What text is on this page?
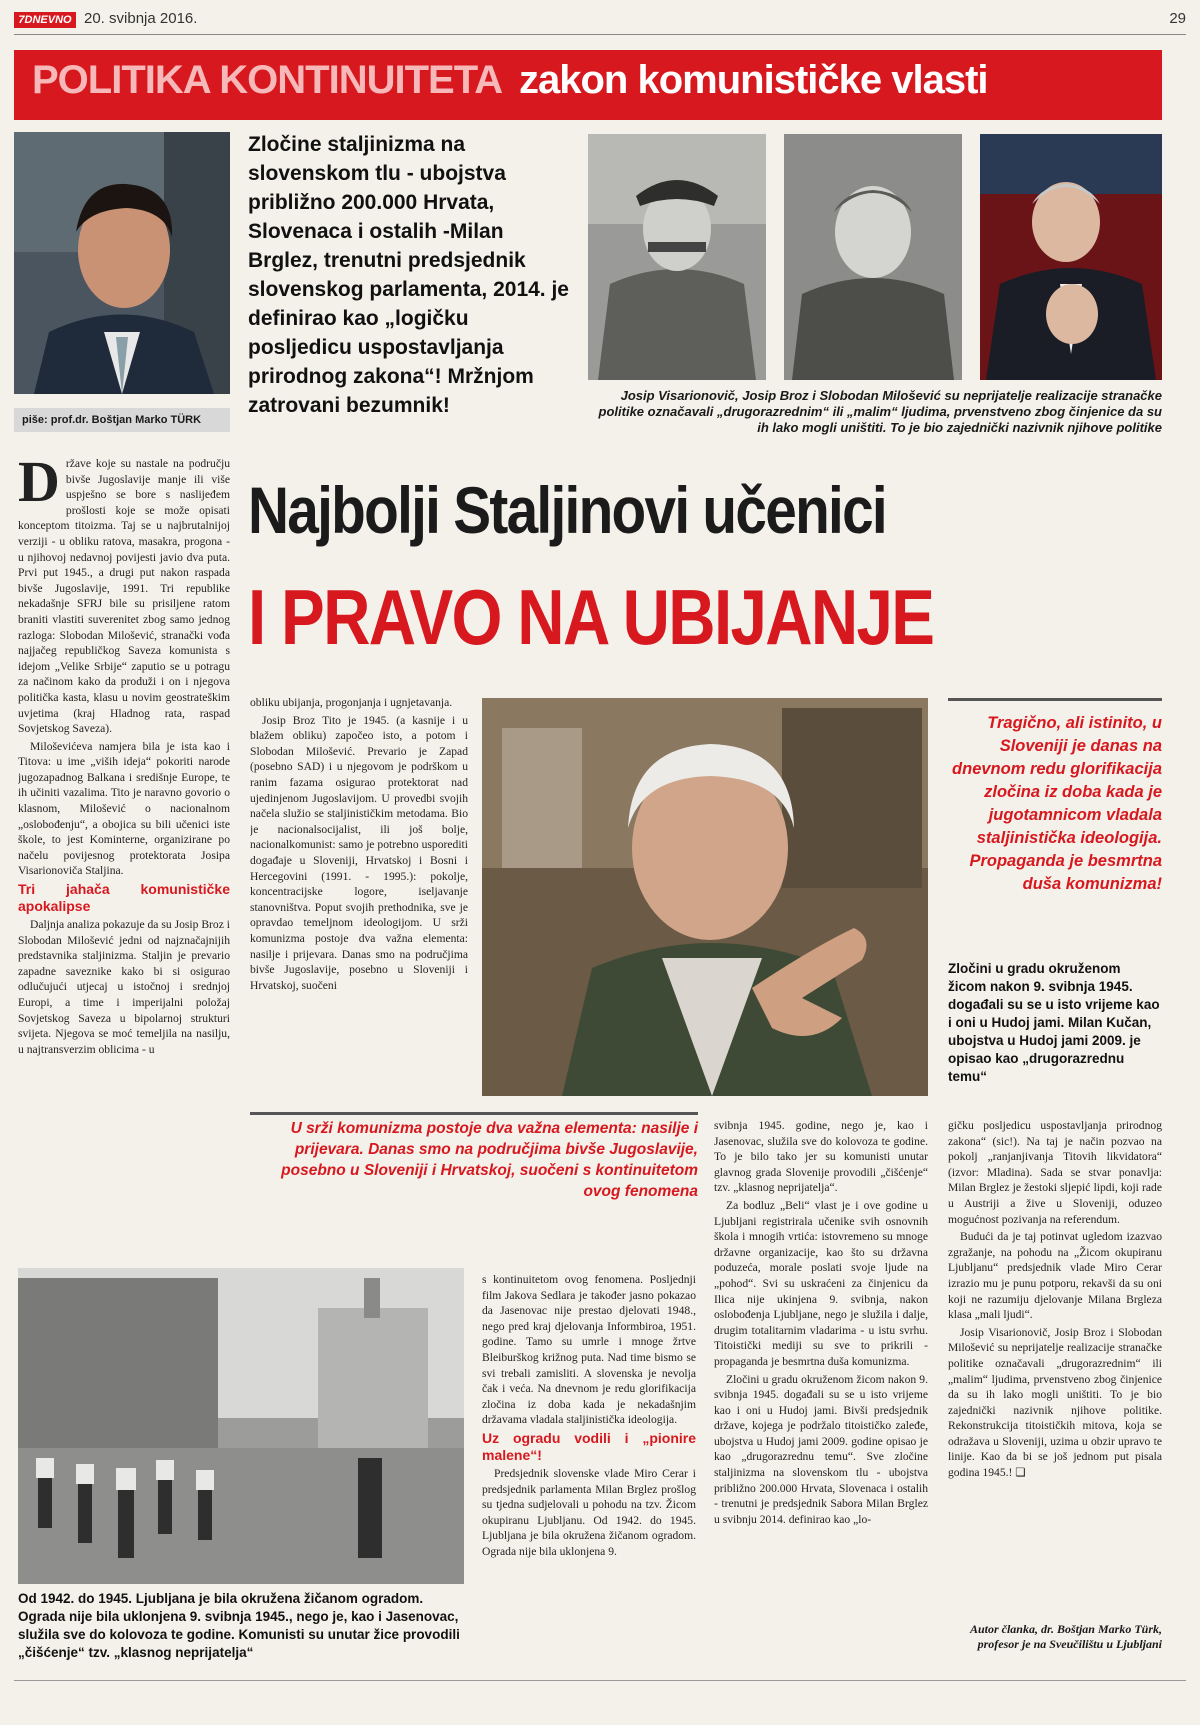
7DNEVNO 20. svibnja 2016.	29
POLITIKA KONTINUITETA zakon komunističke vlasti
piše: prof.dr. Boštjan Marko TÜRK
Zločine staljinizma na slovenskom tlu - ubojstva približno 200.000 Hrvata, Slovenaca i ostalih -Milan Brglez, trenutni predsjednik slovenskog parlamenta, 2014. je definirao kao „logičku posljedicu uspostavljanja prirodnog zakona“! Mržnjom zatrovani bezumnik!	Josip Visarionovič, Josip Broz i Slobodan Milošević su neprijatelje realizacije stranačke politike označavali „drugorazrednim“ ili „malim“ ljudima, prvenstveno zbog činjenice da su ih lako mogli uništiti. To je bio zajednički nazivnik njihove politike
Najbolji Staljinovi učenici
I PRAVO NA UBIJANJE

Države koje su nastale na području bivše Jugoslavije manje ili više uspješno se bore s naslijeđem prošlosti koje se može opisati konceptom titoizma. Taj se u najbrutalnijoj verziji - u obliku ratova, masakra, progona - u njihovoj nedavnoj povijesti javio dva puta. Prvi put 1945., a drugi put nakon raspada bivše Jugoslavije, 1991. Tri republike nekadašnje SFRJ bile su prisiljene ratom braniti vlastiti suverenitet zbog samo jednog razloga: Slobodan Milošević, stranački vođa najjačeg republičkog Saveza komunista s idejom „Velike Srbije“ zaputio se u potragu za načinom kako da produži i on i njegova politička kasta, klasu u novim geostrateškim uvjetima (kraj Hladnog rata, raspad Sovjetskog Saveza).

Miloševićeva namjera bila je ista kao i Titova: u ime „viših ideja“ pokoriti narode jugozapadnog Balkana i središnje Europe, te ih učiniti vazalima. Tito je naravno govorio o klasnom, Milošević o nacionalnom „oslobođenju“, a obojica su bili učenici iste škole, to jest Kominterne, organizirane po načelu povijesnog protektorata Josipa Visarionoviča Staljina.

Tri jahača komunističke apokalipse

Daljnja analiza pokazuje da su Josip Broz i Slobodan Milošević jedni od najznačajnijih predstavnika staljinizma. Staljin je prevario zapadne saveznike kako bi si osigurao odlučujući utjecaj u istočnoj i srednjoj Europi, a time i imperijalni položaj Sovjetskog Saveza u bipolarnoj strukturi svijeta. Njegova se moć temeljila na nasilju, u najtransverzim oblicima - u

obliku ubijanja, progonjanja i ugnjetavanja.

Josip Broz Tito je 1945. (a kasnije i u blažem obliku) započeo isto, a potom i Slobodan Milošević. Prevario je Zapad (posebno SAD) i u njegovom je podrškom u ranim fazama osigurao protektorat nad ujedinjenom Jugoslavijom. U provedbi svojih načela služio se staljinističkim metodama. Bio je nacionalsocijalist, ili još bolje, nacionalkomunist: samo je potrebno usporediti događaje u Sloveniji, Hrvatskoj i Bosni i Hercegovini (1991. - 1995.): pokolje, koncentracijske logore, iseljavanje stanovništva. Poput svojih prethodnika, sve je opravdao temeljnom ideologijom. U srži komunizma postoje dva važna elementa: nasilje i prijevara. Danas smo na područjima bivše Jugoslavije, posebno u Sloveniji i Hrvatskoj, suočeni

Tragično, ali istinito, u Sloveniji je danas na dnevnom redu glorifikacija zločina iz doba kada je jugotamnicom vladala staljinistička ideologija. Propaganda je besmrtna duša komunizma!
Zločini u gradu okruženom žicom nakon 9. svibnja 1945. događali su se u isto vrijeme kao i oni u Hudoj jami. Milan Kučan, ubojstva u Hudoj jami 2009. je opisao kao „drugorazrednu temu“
U srži komunizma postoje dva važna elementa: nasilje i prijevara. Danas smo na područjima bivše Jugoslavije, posebno u Sloveniji i Hrvatskoj, suočeni s kontinuitetom ovog fenomena
Od 1942. do 1945. Ljubljana je bila okružena žičanom ogradom. Ograda nije bila uklonjena 9. svibnja 1945., nego je, kao i Jasenovac, služila sve do kolovoza te godine. Komunisti su unutar žice provodili „čišćenje“ tzv. „klasnog neprijatelja“

s kontinuitetom ovog fenomena. Posljednji film Jakova Sedlara je također jasno pokazao da Jasenovac nije prestao djelovati 1948., nego pred kraj djelovanja Informbiroa, 1951. godine. Tamo su umrle i mnoge žrtve Bleiburškog križnog puta. Nad time bismo se svi trebali zamisliti. A slovenska je nevolja čak i veća. Na dnevnom je redu glorifikacija zločina iz doba kada je nekadašnjim državama vladala staljinistička ideologija.

Uz ogradu vodili i „pionire malene“!

Predsjednik slovenske vlade Miro Cerar i predsjednik parlamenta Milan Brglez prošlog su tjedna sudjelovali u pohodu na tzv. Žicom okupiranu Ljubljanu. Od 1942. do 1945. Ljubljana je bila okružena žičanom ogradom. Ograda nije bila uklonjena 9.

svibnja 1945. godine, nego je, kao i Jasenovac, služila sve do kolovoza te godine. To je bilo tako jer su komunisti unutar glavnog grada Slovenije provodili „čišćenje“ tzv. „klasnog neprijatelja“.

Za bodluz „Beli“ vlast je i ove godine u Ljubljani registrirala učenike svih osnovnih škola i mnogih vrtića: istovremeno su mnoge državne organizacije, kao što su državna poduzeća, morale poslati svoje ljude na „pohod“. Svi su uskraćeni za činjenicu da Ilica nije ukinjena 9. svibnja, nakon oslobođenja Ljubljane, nego je služila i dalje, drugim totalitarnim vladarima - u istu svrhu. Titoistički mediji su sve to prikrili - propaganda je besmrtna duša komunizma.

Zločini u gradu okruženom žicom nakon 9. svibnja 1945. događali su se u isto vrijeme kao i oni u Hudoj jami. Bivši predsjednik države, kojega je podržalo titoističko zaleđe, ubojstva u Hudoj jami 2009. godine opisao je kao „drugorazrednu temu“. Sve zločine staljinizma na slovenskom tlu - ubojstva približno 200.000 Hrvata, Slovenaca i ostalih - trenutni je predsjednik Sabora Milan Brglez u svibnju 2014. definirao kao „lo-

gičku posljedicu uspostavljanja prirodnog zakona“ (sic!). Na taj je način pozvao na pokolj „ranjanjivanja Titovih likvidatora“ (izvor: Mladina). Sada se stvar ponavlja: Milan Brglez je žestoki sljepić lipdi, koji rade u Austriji a žive u Sloveniji, oduzeo mogućnost pozivanja na referendum.

Budući da je taj potinvat ugledom izazvao zgražanje, na pohodu na „Žicom okupiranu Ljubljanu“ predsjednik vlade Miro Cerar izrazio mu je punu potporu, rekavši da su oni koji ne razumiju djelovanje Milana Brgleza klasa „mali ljudi“.

Josip Visarionovič, Josip Broz i Slobodan Milošević su neprijatelje realizacije stranačke politike označavali „drugorazrednim“ ili „malim“ ljudima, prvenstveno zbog činjenice da su ih lako mogli uništiti. To je bio zajednički nazivnik njihove politike. Rekonstrukcija titoističkih mitova, koja se odražava u Sloveniji, uzima u obzir upravo te linije. Kao da bi se još jednom put pisala godina 1945.! ❏

Autor članka, dr. Boštjan Marko Türk, profesor je na Sveučilištu u Ljubljani
